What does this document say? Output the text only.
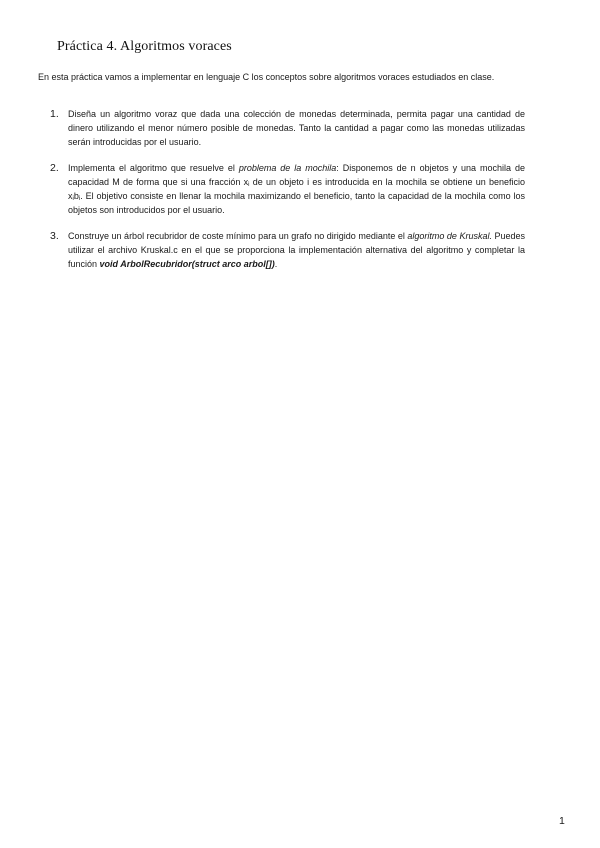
Práctica 4. Algoritmos voraces

En esta práctica vamos a implementar en lenguaje C los conceptos sobre algoritmos voraces estudiados en clase.

1. Diseña un algoritmo voraz que dada una colección de monedas determinada, permita pagar una cantidad de dinero utilizando el menor número posible de monedas. Tanto la cantidad a pagar como las monedas utilizadas serán introducidas por el usuario.
2. Implementa el algoritmo que resuelve el problema de la mochila: Disponemos de n objetos y una mochila de capacidad M de forma que si una fracción $x_i$ de un objeto i es introducida en la mochila se obtiene un beneficio $x_ib_i$. El objetivo consiste en llenar la mochila maximizando el beneficio, tanto la capacidad de la mochila como los objetos son introducidos por el usuario.
3. Construye un árbol recubridor de coste mínimo para un grafo no dirigido mediante el algoritmo de Kruskal. Puedes utilizar el archivo Kruskal.c en el que se proporciona la implementación alternativa del algoritmo y completar la función void ArbolRecubridor(struct arco arbol[]).
1
